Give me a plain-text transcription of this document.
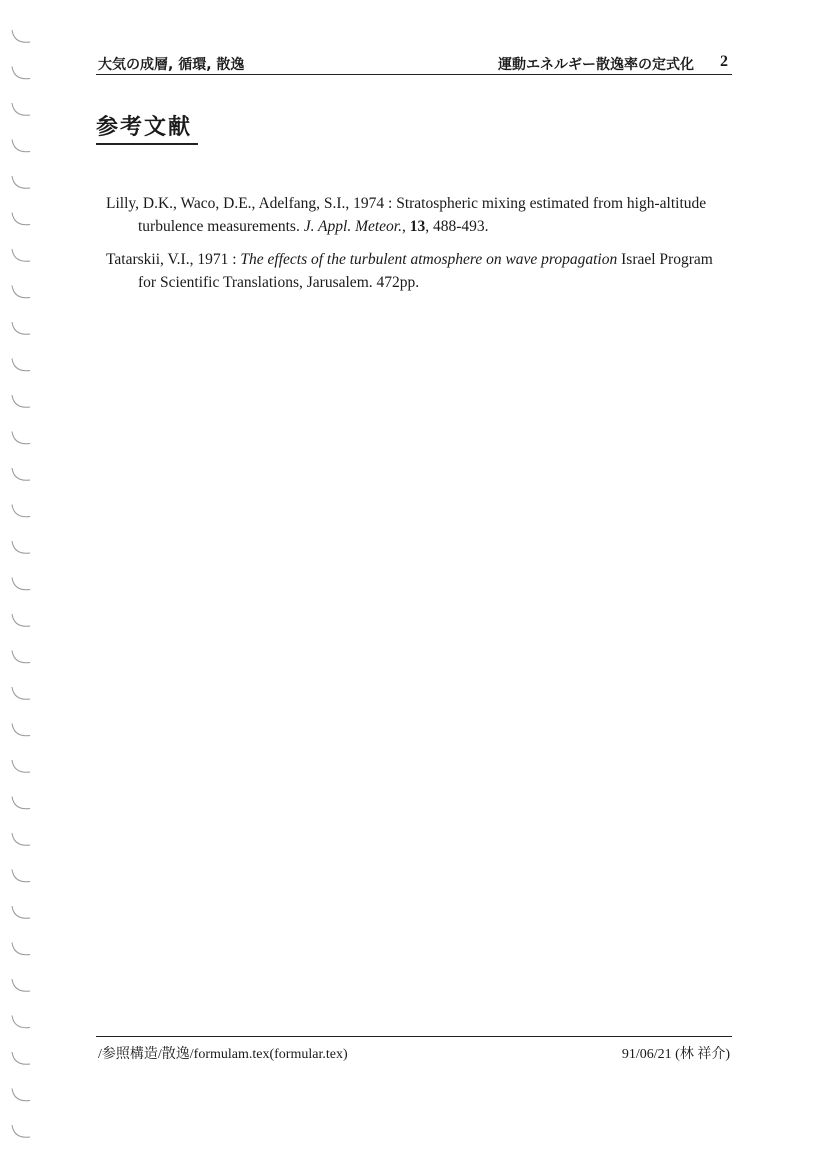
大気の成層, 循環, 散逸	運動エネルギー散逸率の定式化 2
参考文献
Lilly, D.K., Waco, D.E., Adelfang, S.I., 1974 : Stratospheric mixing estimated from high-altitude turbulence measurements. J. Appl. Meteor., 13, 488-493.
Tatarskii, V.I., 1971 : The effects of the turbulent atmosphere on wave propagation Israel Program for Scientific Translations, Jarusalem. 472pp.
/参照構造/散逸/formulam.tex(formular.tex)	91/06/21 (林 祥介)
